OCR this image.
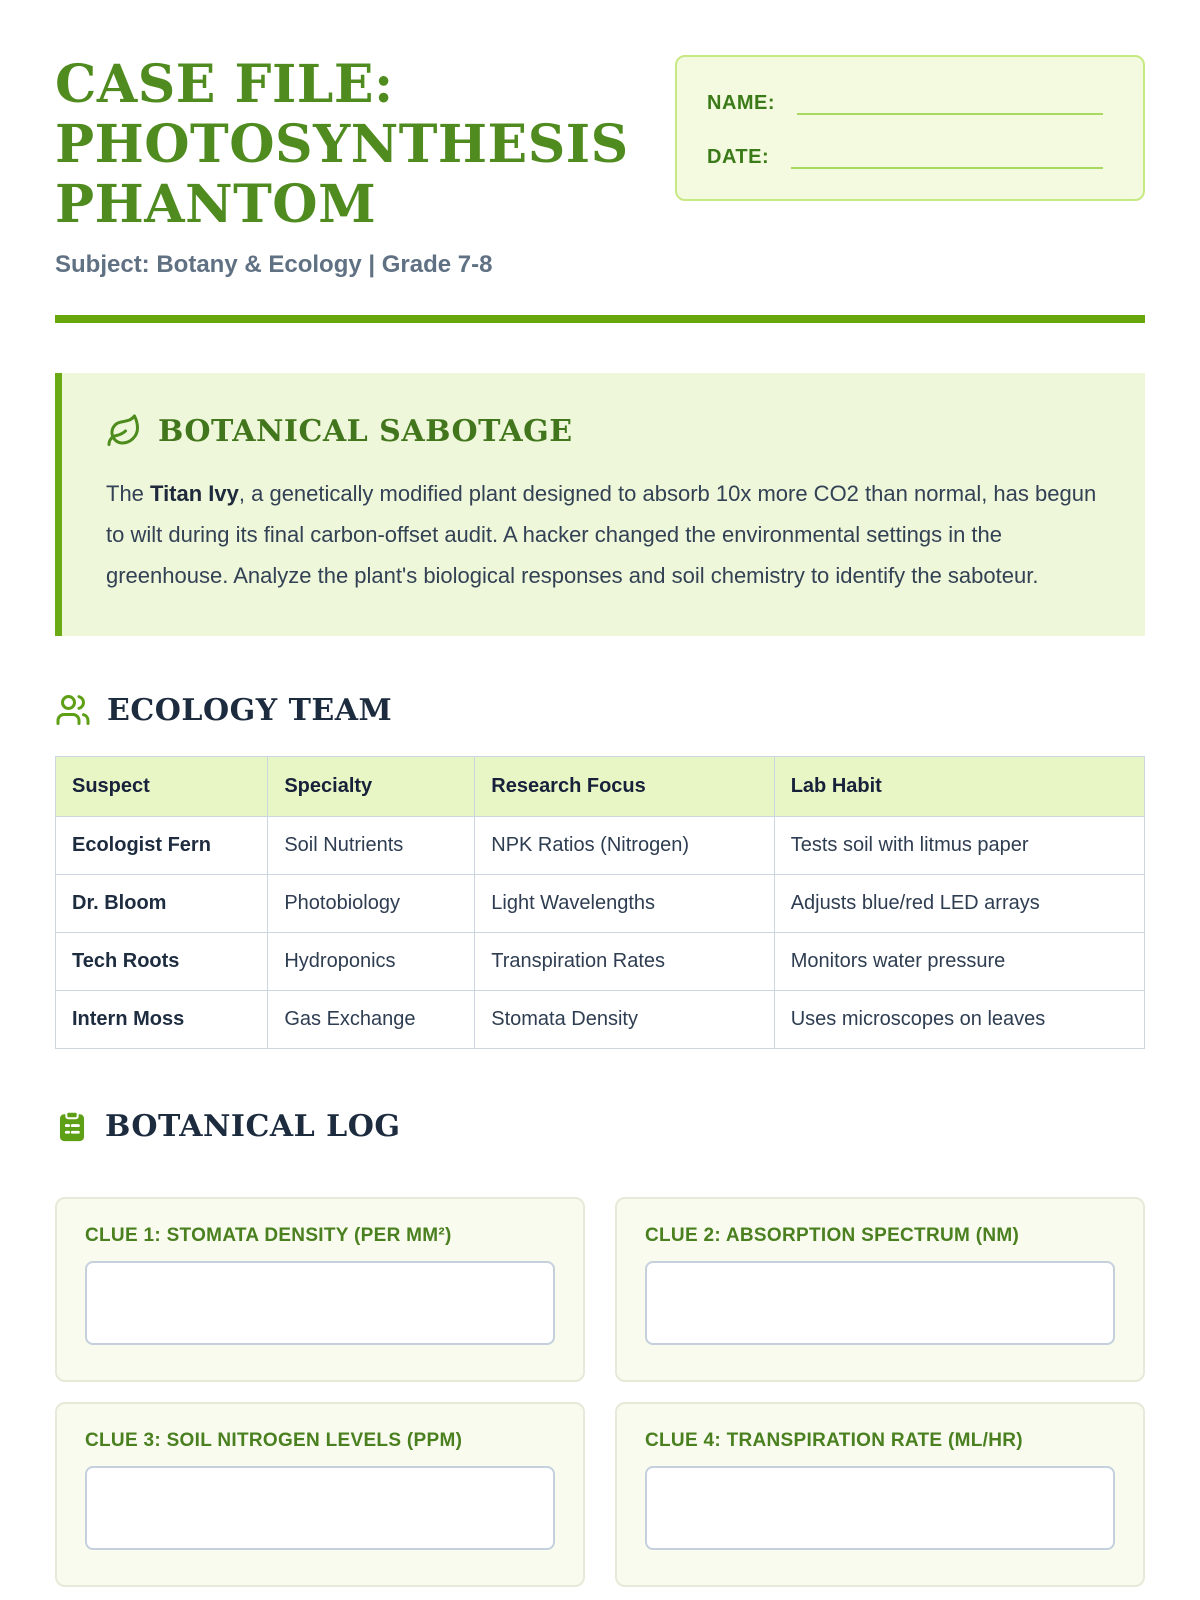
CASE FILE: PHOTOSYNTHESIS PHANTOM
Subject: Botany & Ecology | Grade 7-8
NAME:
DATE:
BOTANICAL SABOTAGE
The Titan Ivy, a genetically modified plant designed to absorb 10x more CO2 than normal, has begun to wilt during its final carbon-offset audit. A hacker changed the environmental settings in the greenhouse. Analyze the plant's biological responses and soil chemistry to identify the saboteur.
ECOLOGY TEAM
Suspect	Specialty	Research Focus	Lab Habit
Ecologist Fern	Soil Nutrients	NPK Ratios (Nitrogen)	Tests soil with litmus paper
Dr. Bloom	Photobiology	Light Wavelengths	Adjusts blue/red LED arrays
Tech Roots	Hydroponics	Transpiration Rates	Monitors water pressure
Intern Moss	Gas Exchange	Stomata Density	Uses microscopes on leaves
BOTANICAL LOG
CLUE 1: STOMATA DENSITY (PER MM²)	CLUE 2: ABSORPTION SPECTRUM (NM)
CLUE 3: SOIL NITROGEN LEVELS (PPM)	CLUE 4: TRANSPIRATION RATE (ML/HR)
